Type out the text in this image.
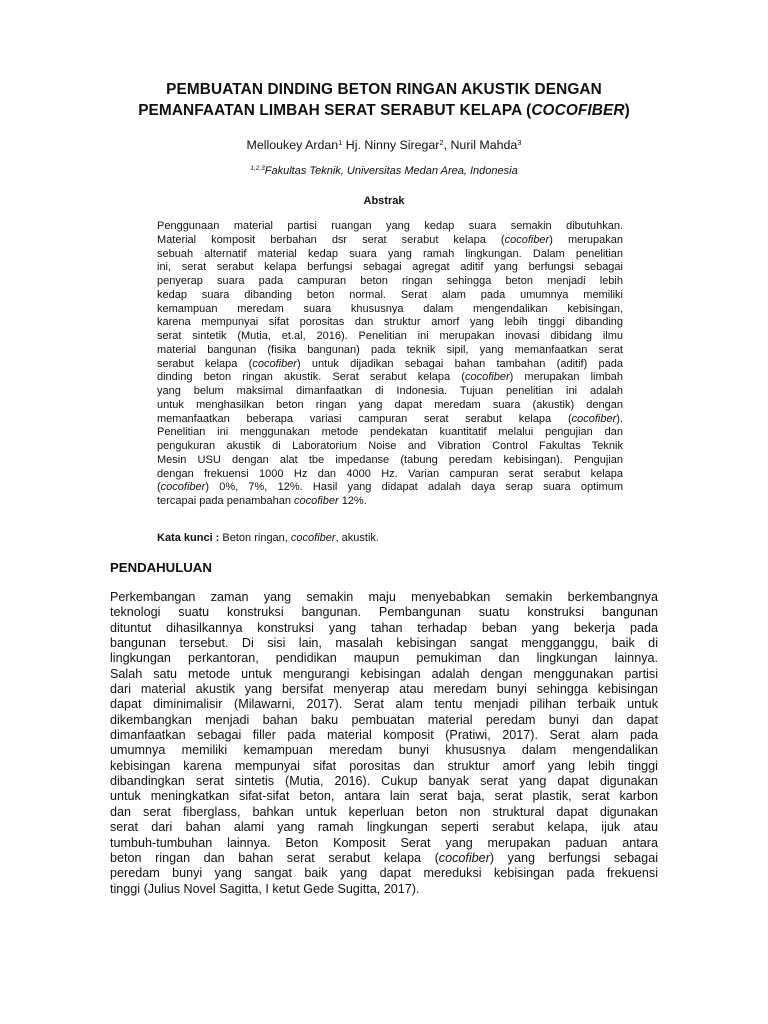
PEMBUATAN DINDING BETON RINGAN AKUSTIK DENGAN
PEMANFAATAN LIMBAH SERAT SERABUT KELAPA (COCOFIBER)
Melloukey Ardan$^1$ Hj. Ninny Siregar$^2$, Nuril Mahda$^3$
$^{1,2,3}$Fakultas Teknik, Universitas Medan Area, Indonesia
Abstrak
Penggunaan material partisi ruangan yang kedap suara semakin dibutuhkan.
Material komposit berbahan dsr serat serabut kelapa (cocofiber) merupakan
sebuah alternatif material kedap suara yang ramah lingkungan. Dalam penelitian
ini, serat serabut kelapa berfungsi sebagai agregat aditif yang berfungsi sebagai
penyerap suara pada campuran beton ringan sehingga beton menjadi lebih
kedap suara dibanding beton normal. Serat alam pada umumnya memiliki
kemampuan meredam suara khususnya dalam mengendalikan kebisingan,
karena mempunyai sifat porositas dan struktur amorf yang lebih tinggi dibanding
serat sintetik (Mutia, et.al, 2016). Penelitian ini merupakan inovasi dibidang ilmu
material bangunan (fisika bangunan) pada teknik sipil, yang memanfaatkan serat
serabut kelapa (cocofiber) untuk dijadikan sebagai bahan tambahan (aditif) pada
dinding beton ringan akustik. Serat serabut kelapa (cocofiber) merupakan limbah
yang belum maksimal dimanfaatkan di Indonesia. Tujuan penelitian ini adalah
untuk menghasilkan beton ringan yang dapat meredam suara (akustik) dengan
memanfaatkan beberapa variasi campuran serat serabut kelapa (cocofiber).
Penelitian ini menggunakan metode pendekatan kuantitatif melalui pengujian dan
pengukuran akustik di Laboratorium Noise and Vibration Control Fakultas Teknik
Mesin USU dengan alat tbe impedanse (tabung peredam kebisingan). Pengujian
dengan frekuensi 1000 Hz dan 4000 Hz. Varian campuran serat serabut kelapa
(cocofiber) 0%, 7%, 12%. Hasil yang didapat adalah daya serap suara optimum
tercapai pada penambahan cocofiber 12%.
Kata kunci : Beton ringan, cocofiber, akustik.
PENDAHULUAN
Perkembangan zaman yang semakin maju menyebabkan semakin berkembangnya
teknologi suatu konstruksi bangunan. Pembangunan suatu konstruksi bangunan
dituntut dihasilkannya konstruksi yang tahan terhadap beban yang bekerja pada
bangunan tersebut. Di sisi lain, masalah kebisingan sangat mengganggu, baik di
lingkungan perkantoran, pendidikan maupun pemukiman dan lingkungan lainnya.
Salah satu metode untuk mengurangi kebisingan adalah dengan menggunakan partisi
dari material akustik yang bersifat menyerap atau meredam bunyi sehingga kebisingan
dapat diminimalisir (Milawarni, 2017). Serat alam tentu menjadi pilihan terbaik untuk
dikembangkan menjadi bahan baku pembuatan material peredam bunyi dan dapat
dimanfaatkan sebagai filler pada material komposit (Pratiwi, 2017). Serat alam pada
umumnya memiliki kemampuan meredam bunyi khususnya dalam mengendalikan
kebisingan karena mempunyai sifat porositas dan struktur amorf yang lebih tinggi
dibandingkan serat sintetis (Mutia, 2016). Cukup banyak serat yang dapat digunakan
untuk meningkatkan sifat-sifat beton, antara lain serat baja, serat plastik, serat karbon
dan serat fiberglass, bahkan untuk keperluan beton non struktural dapat digunakan
serat dari bahan alami yang ramah lingkungan seperti serabut kelapa, ijuk atau
tumbuh-tumbuhan lainnya. Beton Komposit Serat yang merupakan paduan antara
beton ringan dan bahan serat serabut kelapa (cocofiber) yang berfungsi sebagai
peredam bunyi yang sangat baik yang dapat mereduksi kebisingan pada frekuensi
tinggi (Julius Novel Sagitta, I ketut Gede Sugitta, 2017).
